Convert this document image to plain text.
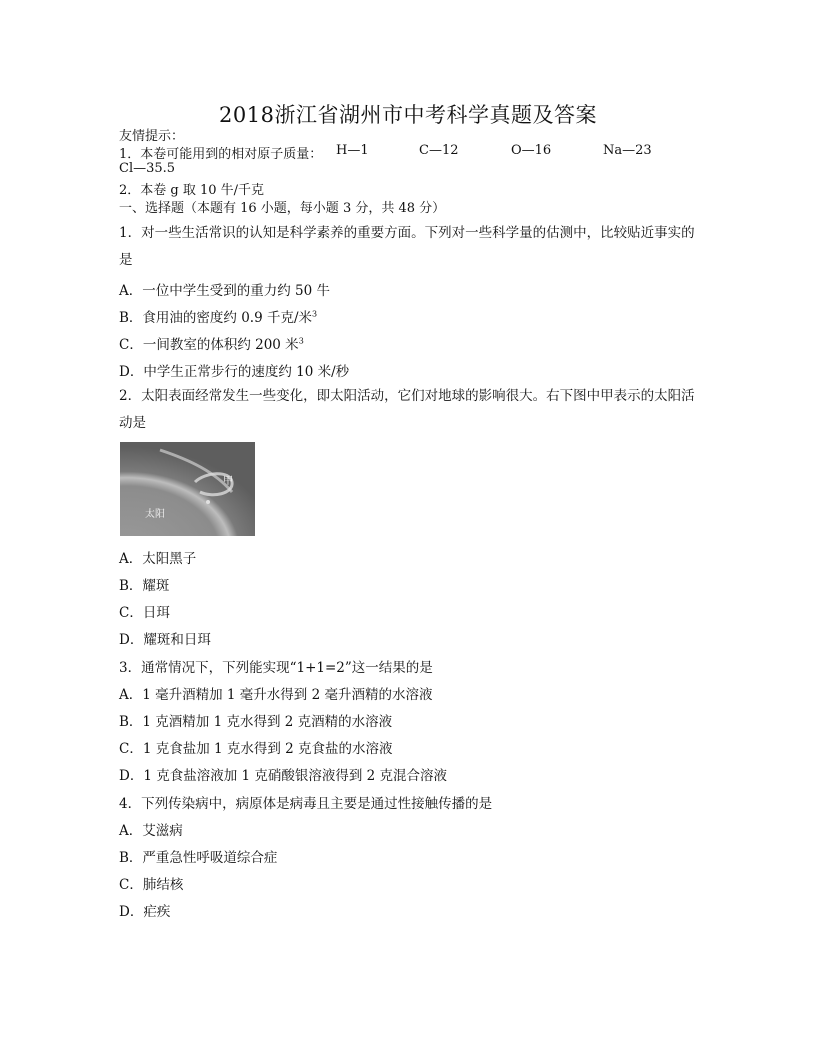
2018浙江省湖州市中考科学真题及答案
友情提示：
1．本卷可能用到的相对原子质量： H—1	C—12	O—16	Na—23
Cl—35.5
2．本卷 g 取 10 牛/千克
一、选择题（本题有 16 小题，每小题 3 分，共 48 分）
1．对一些生活常识的认知是科学素养的重要方面。下列对一些科学量的估测中，比较贴近事实的是
A．一位中学生受到的重力约 50 牛
B．食用油的密度约 0.9 千克/米$^3$
C．一间教室的体积约 200 米$^3$
D．中学生正常步行的速度约 10 米/秒
2．太阳表面经常发生一些变化，即太阳活动，它们对地球的影响很大。右下图中甲表示的太阳活动是
甲
太阳
A．太阳黑子
B．耀斑
C．日珥
D．耀斑和日珥
3．通常情况下，下列能实现“1+1=2”这一结果的是
A．1 毫升酒精加 1 毫升水得到 2 毫升酒精的水溶液
B．1 克酒精加 1 克水得到 2 克酒精的水溶液
C．1 克食盐加 1 克水得到 2 克食盐的水溶液
D．1 克食盐溶液加 1 克硝酸银溶液得到 2 克混合溶液
4．下列传染病中，病原体是病毒且主要是通过性接触传播的是
A．艾滋病
B．严重急性呼吸道综合症
C．肺结核
D．疟疾
